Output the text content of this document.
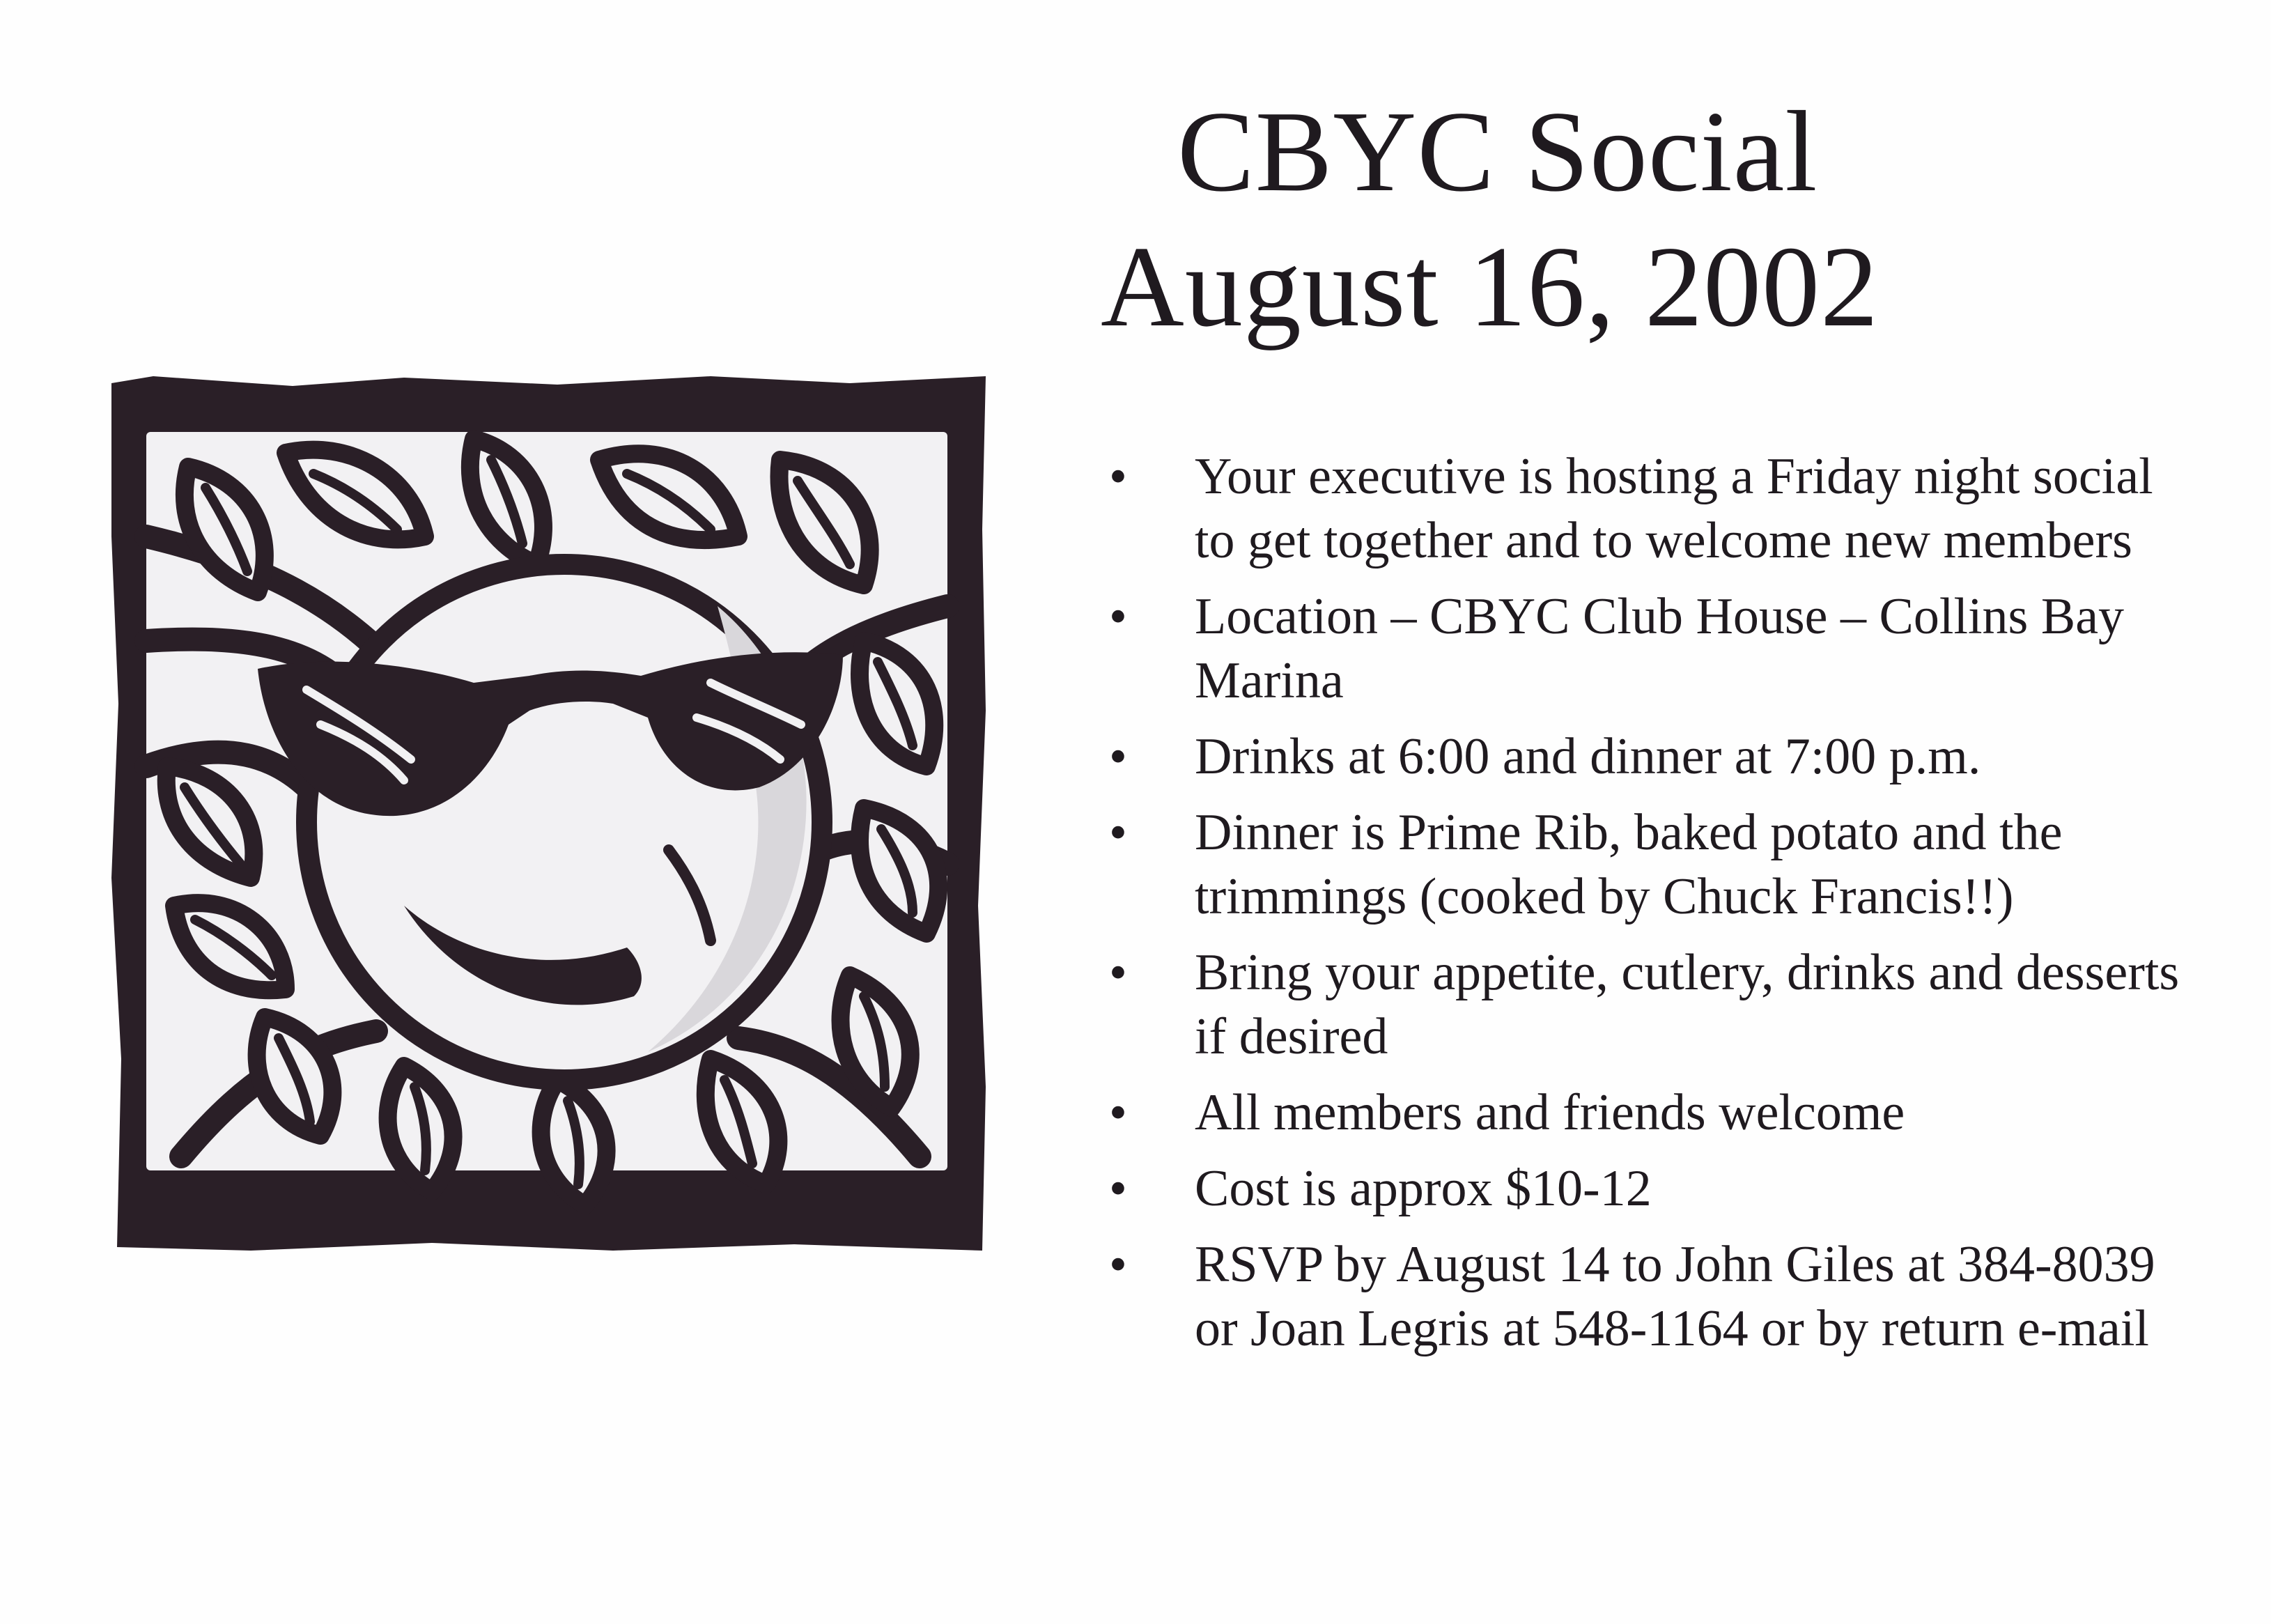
CBYC Social
August 16, 2002
• Your executive is hosting a Friday night social to get together and to welcome new members
• Location – CBYC Club House – Collins Bay Marina
• Drinks at 6:00 and dinner at 7:00 p.m.
• Dinner is Prime Rib, baked potato and the trimmings (cooked by Chuck Francis!!)
• Bring your appetite, cutlery, drinks and desserts if desired
• All members and friends welcome
• Cost is approx $10-12
• RSVP by August 14 to John Giles at 384-8039 or Joan Legris at 548-1164 or by return e-mail
